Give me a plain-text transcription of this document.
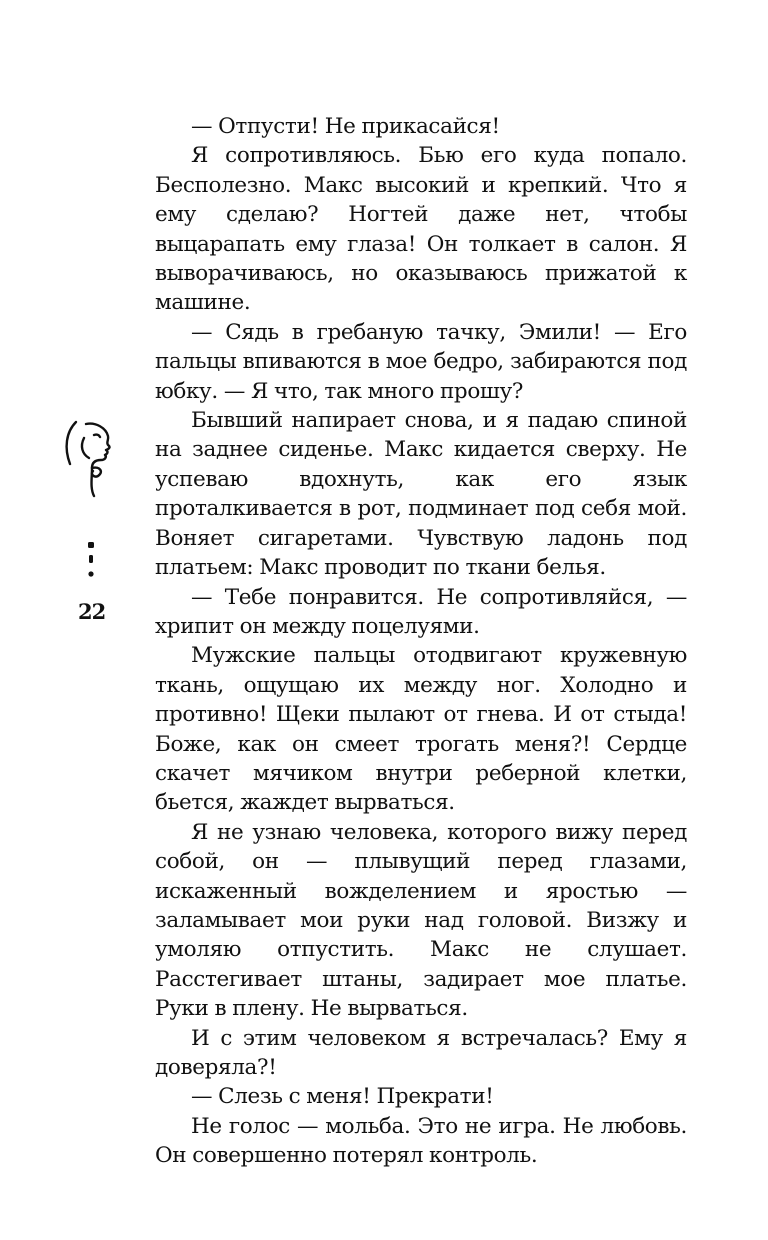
— Отпусти! Не прикасайся!

Я сопротивляюсь. Бью его куда попало. Бесполезно. Макс высокий и крепкий. Что я ему сделаю? Ногтей даже нет, чтобы выцарапать ему глаза! Он толкает в салон. Я выворачиваюсь, но оказываюсь прижатой к машине.

— Сядь в гребаную тачку, Эмили! — Его пальцы впиваются в мое бедро, забираются под юбку. — Я что, так много прошу?

Бывший напирает снова, и я падаю спиной на заднее сиденье. Макс кидается сверху. Не успеваю вдохнуть, как его язык проталкивается в рот, подминает под себя мой. Воняет сигаретами. Чувствую ладонь под платьем: Макс проводит по ткани белья.

— Тебе понравится. Не сопротивляйся, — хрипит он между поцелуями.

Мужские пальцы отодвигают кружевную ткань, ощущаю их между ног. Холодно и противно! Щеки пылают от гнева. И от стыда! Боже, как он смеет трогать меня?! Сердце скачет мячиком внутри реберной клетки, бьется, жаждет вырваться.

Я не узнаю человека, которого вижу перед собой, он — плывущий перед глазами, искаженный вожделением и яростью — заламывает мои руки над головой. Визжу и умоляю отпустить. Макс не слушает. Расстегивает штаны, задирает мое платье. Руки в плену. Не вырваться.

И с этим человеком я встречалась? Ему я доверяла?!

— Слезь с меня! Прекрати!

Не голос — мольба. Это не игра. Не любовь. Он совершенно потерял контроль.

22
